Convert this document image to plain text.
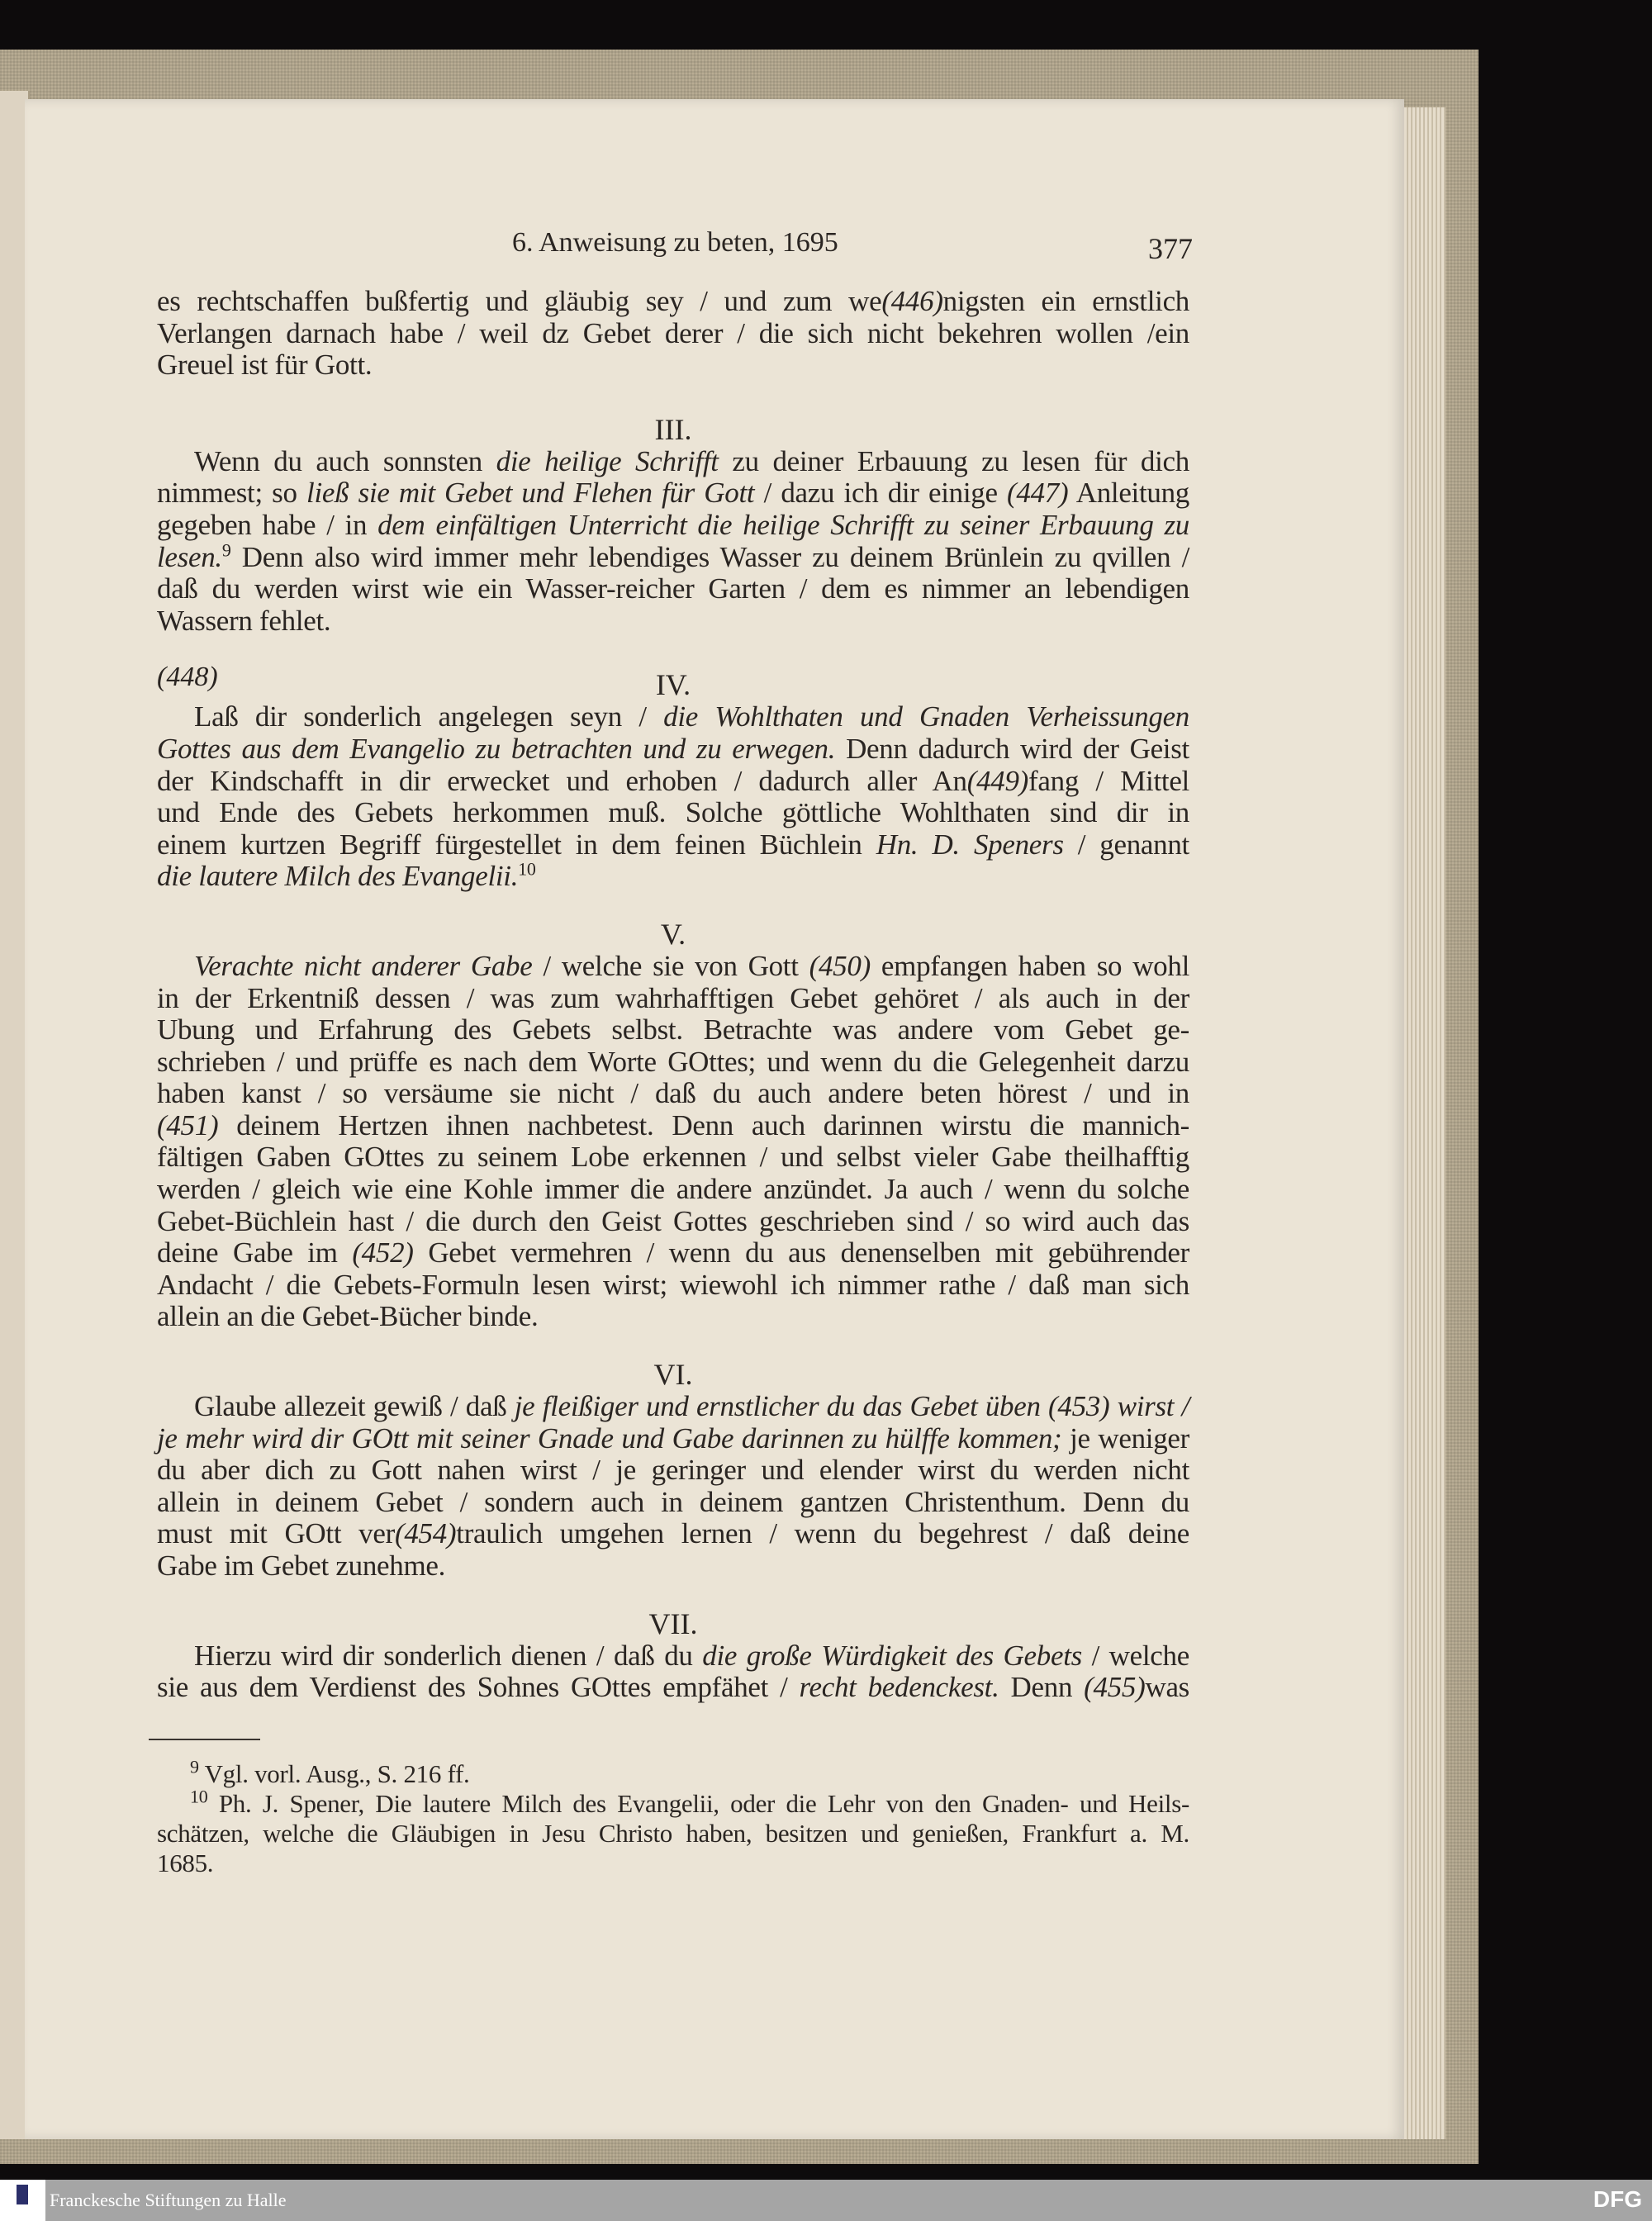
6. Anweisung zu beten, 1695	377
es rechtschaffen bußfertig und gläubig sey / und zum we(446)nigsten ein ernstlich
Verlangen darnach habe / weil dz Gebet derer / die sich nicht bekehren wollen /ein
Greuel ist für Gott.
III.
Wenn du auch sonnsten die heilige Schrifft zu deiner Erbauung zu lesen für dich
nimmest; so ließ sie mit Gebet und Flehen für Gott / dazu ich dir einige (447) Anleitung
gegeben habe / in dem einfältigen Unterricht die heilige Schrifft zu seiner Erbauung zu
lesen.$^9$ Denn also wird immer mehr lebendiges Wasser zu deinem Brünlein zu qvillen /
daß du werden wirst wie ein Wasser-reicher Garten / dem es nimmer an lebendigen
Wassern fehlet.
IV.
(448)
Laß dir sonderlich angelegen seyn / die Wohlthaten und Gnaden Verheissungen
Gottes aus dem Evangelio zu betrachten und zu erwegen. Denn dadurch wird der Geist
der Kindschafft in dir erwecket und erhoben / dadurch aller An(449)fang / Mittel
und Ende des Gebets herkommen muß. Solche göttliche Wohlthaten sind dir in
einem kurtzen Begriff fürgestellet in dem feinen Büchlein Hn. D. Speners / genannt
die lautere Milch des Evangelii.$^{10}$
V.
Verachte nicht anderer Gabe / welche sie von Gott (450) empfangen haben so wohl
in der Erkentniß dessen / was zum wahrhafftigen Gebet gehöret / als auch in der
Ubung und Erfahrung des Gebets selbst. Betrachte was andere vom Gebet ge-
schrieben / und prüffe es nach dem Worte GOttes; und wenn du die Gelegenheit darzu
haben kanst / so versäume sie nicht / daß du auch andere beten hörest / und in
(451) deinem Hertzen ihnen nachbetest. Denn auch darinnen wirstu die mannich-
fältigen Gaben GOttes zu seinem Lobe erkennen / und selbst vieler Gabe theilhafftig
werden / gleich wie eine Kohle immer die andere anzündet. Ja auch / wenn du solche
Gebet-Büchlein hast / die durch den Geist Gottes geschrieben sind / so wird auch das
deine Gabe im (452) Gebet vermehren / wenn du aus denenselben mit gebührender
Andacht / die Gebets-Formuln lesen wirst; wiewohl ich nimmer rathe / daß man sich
allein an die Gebet-Bücher binde.
VI.
Glaube allezeit gewiß / daß je fleißiger und ernstlicher du das Gebet üben (453) wirst /
je mehr wird dir GOtt mit seiner Gnade und Gabe darinnen zu hülffe kommen; je weniger
du aber dich zu Gott nahen wirst / je geringer und elender wirst du werden nicht
allein in deinem Gebet / sondern auch in deinem gantzen Christenthum. Denn du
must mit GOtt ver(454)traulich umgehen lernen / wenn du begehrest / daß deine
Gabe im Gebet zunehme.
VII.
Hierzu wird dir sonderlich dienen / daß du die große Würdigkeit des Gebets / welche
sie aus dem Verdienst des Sohnes GOttes empfähet / recht bedenckest. Denn (455)was
$^9$ Vgl. vorl. Ausg., S. 216 ff.
$^{10}$ Ph. J. Spener, Die lautere Milch des Evangelii, oder die Lehr von den Gnaden- und Heils-
schätzen, welche die Gläubigen in Jesu Christo haben, besitzen und genießen, Frankfurt a. M.
1685.
Franckesche Stiftungen zu Halle	DFG
